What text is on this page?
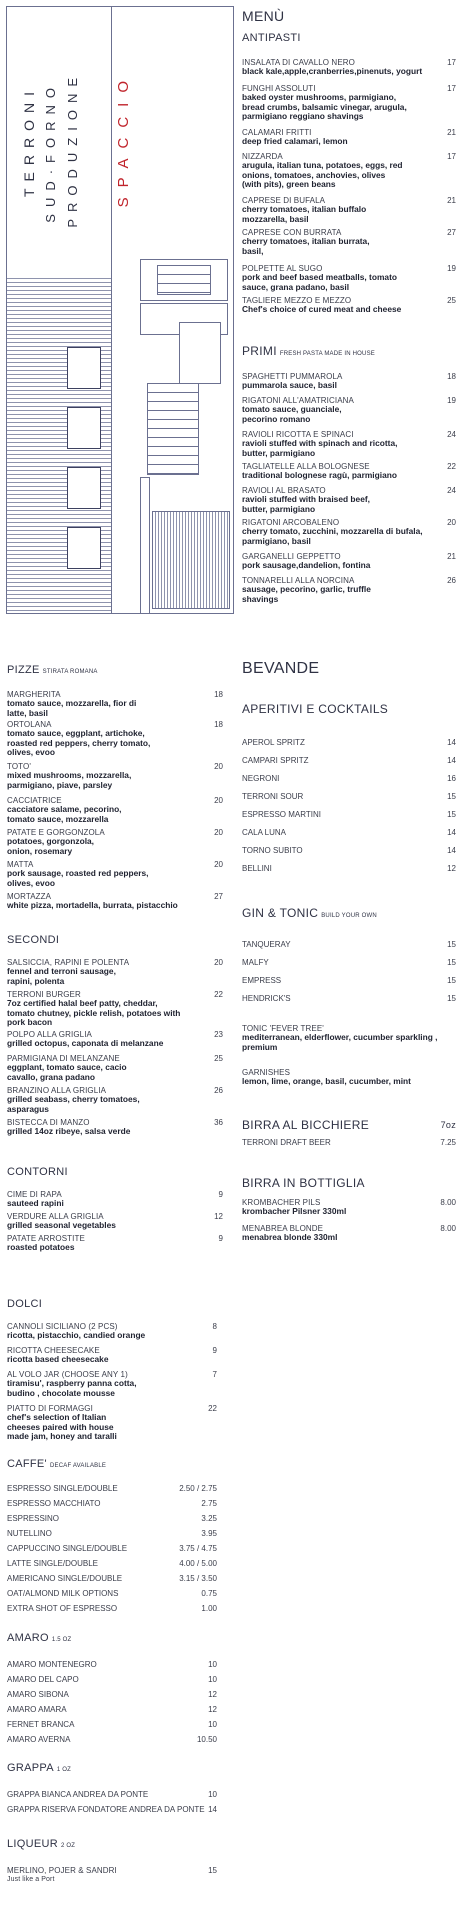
TERRONI SUD·FORNO PRODUZIONE SPACCIO
MENÙ
ANTIPASTI
INSALATA DI CAVALLO NERO
black kale,apple,cranberries,pinenuts, yogurt
17
FUNGHI ASSOLUTI
baked oyster mushrooms, parmigiano, bread crumbs, balsamic vinegar, arugula, parmigiano reggiano shavings
17
CALAMARI FRITTI
deep fried calamari, lemon
21
NIZZARDA
arugula, italian tuna, potatoes, eggs, red onions, tomatoes, anchovies, olives (with pits), green beans
17
CAPRESE DI BUFALA
cherry tomatoes, italian buffalo mozzarella, basil
21
CAPRESE CON BURRATA
cherry tomatoes, italian burrata, basil,
27
POLPETTE AL SUGO
pork and beef based meatballs, tomato sauce, grana padano, basil
19
TAGLIERE MEZZO E MEZZO
Chef's choice of cured meat and cheese
25
PRIMI FRESH PASTA MADE IN HOUSE
SPAGHETTI PUMMAROLA
pummarola sauce, basil
18
RIGATONI ALL'AMATRICIANA
tomato sauce, guanciale, pecorino romano
19
RAVIOLI RICOTTA E SPINACI
ravioli stuffed with spinach and ricotta, butter, parmigiano
24
TAGLIATELLE ALLA BOLOGNESE
traditional bolognese ragù, parmigiano
22
RAVIOLI AL BRASATO
ravioli stuffed with braised beef, butter, parmigiano
24
RIGATONI ARCOBALENO
cherry tomato, zucchini, mozzarella di bufala, parmigiano, basil
20
GARGANELLI GEPPETTO
pork sausage,dandelion, fontina
21
TONNARELLI ALLA NORCINA
sausage, pecorino, garlic, truffle shavings
26
PIZZE STIRATA ROMANA
MARGHERITA
tomato sauce, mozzarella, fior di latte, basil
18
ORTOLANA
tomato sauce, eggplant, artichoke, roasted red peppers, cherry tomato, olives, evoo
18
TOTO'
mixed mushrooms, mozzarella, parmigiano, piave, parsley
20
CACCIATRICE
cacciatore salame, pecorino, tomato sauce, mozzarella
20
PATATE E GORGONZOLA
potatoes, gorgonzola, onion, rosemary
20
MATTA
pork sausage, roasted red peppers, olives, evoo
20
MORTAZZA
white pizza, mortadella, burrata, pistacchio
27
SECONDI
SALSICCIA, RAPINI E POLENTA
fennel and terroni sausage, rapini, polenta
20
TERRONI BURGER
7oz certified halal beef patty, cheddar, tomato chutney, pickle relish, potatoes with pork bacon
22
POLPO ALLA GRIGLIA
grilled octopus, caponata di melanzane
23
PARMIGIANA DI MELANZANE
eggplant, tomato sauce, cacio cavallo, grana padano
25
BRANZINO ALLA GRIGLIA
grilled seabass, cherry tomatoes, asparagus
26
BISTECCA DI MANZO
grilled 14oz ribeye, salsa verde
36
CONTORNI
CIME DI RAPA
sauteed rapini
9
VERDURE ALLA GRIGLIA
grilled seasonal vegetables
12
PATATE ARROSTITE
roasted potatoes
9
BEVANDE
APERITIVI E COCKTAILS
APEROL SPRITZ	14
CAMPARI SPRITZ	14
NEGRONI	16
TERRONI SOUR	15
ESPRESSO MARTINI	15
CALA LUNA	14
TORNO SUBITO	14
BELLINI	12
GIN & TONIC BUILD YOUR OWN
TANQUERAY	15
MALFY	15
EMPRESS	15
HENDRICK'S	15
TONIC 'FEVER TREE'
mediterranean, elderflower, cucumber sparkling , premium
GARNISHES
lemon, lime, orange, basil, cucumber, mint
BIRRA AL BICCHIERE	7oz
TERRONI DRAFT BEER	7.25
BIRRA IN BOTTIGLIA
KROMBACHER PILS
krombacher Pilsner 330ml
8.00
MENABREA BLONDE
menabrea blonde 330ml
8.00
DOLCI
CANNOLI SICILIANO (2 PCS)
ricotta, pistacchio, candied orange
8
RICOTTA CHEESECAKE
ricotta based cheesecake
9
AL VOLO JAR (CHOOSE ANY 1)
tiramisu', raspberry panna cotta, budino , chocolate mousse
7
PIATTO DI FORMAGGI
chef's selection of Italian cheeses paired with house made jam, honey and taralli
22
CAFFE' DECAF AVAILABLE
ESPRESSO SINGLE/DOUBLE	2.50 / 2.75
ESPRESSO MACCHIATO	2.75
ESPRESSINO	3.25
NUTELLINO	3.95
CAPPUCCINO SINGLE/DOUBLE	3.75 / 4.75
LATTE SINGLE/DOUBLE	4.00 / 5.00
AMERICANO SINGLE/DOUBLE	3.15 / 3.50
OAT/ALMOND MILK OPTIONS	0.75
EXTRA SHOT OF ESPRESSO	1.00
AMARO 1.5 OZ
AMARO MONTENEGRO	10
AMARO DEL CAPO	10
AMARO SIBONA	12
AMARO AMARA	12
FERNET BRANCA	10
AMARO AVERNA	10.50
GRAPPA 1 OZ
GRAPPA BIANCA ANDREA DA PONTE	10
GRAPPA RISERVA FONDATORE ANDREA DA PONTE 14
LIQUEUR 2 OZ
MERLINO, POJER & SANDRI
Just like a Port
15
